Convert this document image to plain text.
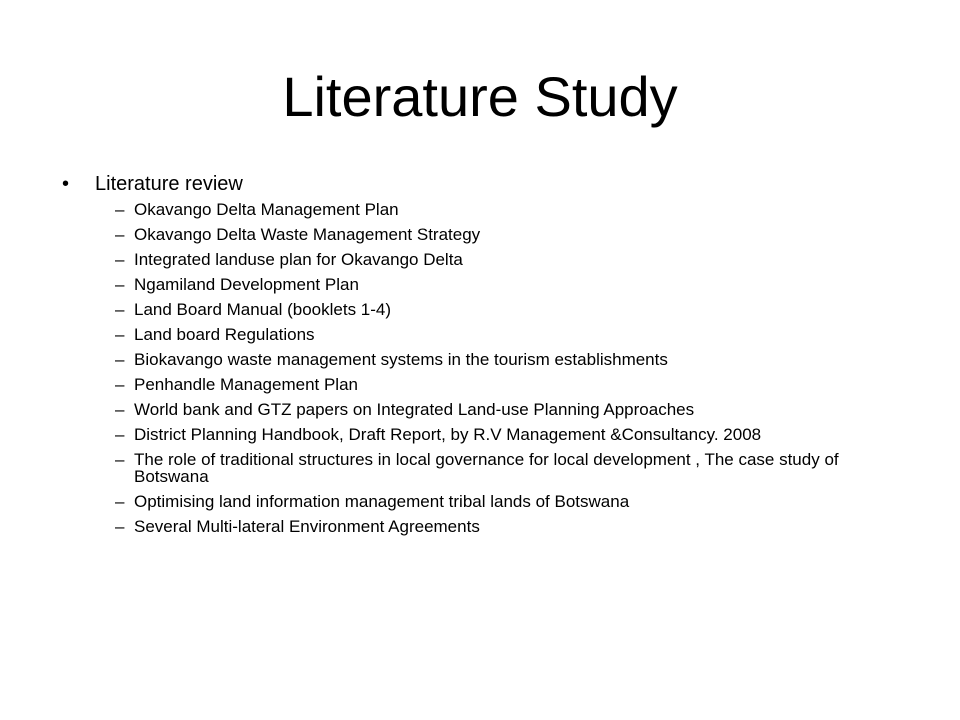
Literature Study
•	Literature review
– Okavango Delta Management Plan
– Okavango Delta Waste Management Strategy
– Integrated landuse plan for Okavango Delta
– Ngamiland Development Plan
– Land Board Manual (booklets 1-4)
– Land board Regulations
– Biokavango waste management systems in the tourism establishments
– Penhandle Management Plan
– World bank and GTZ papers on Integrated Land-use Planning Approaches
– District Planning Handbook, Draft Report, by R.V Management &Consultancy. 2008
– The role of traditional structures in local governance for local development , The case study of Botswana
– Optimising land information management tribal lands of Botswana
– Several Multi-lateral Environment Agreements
